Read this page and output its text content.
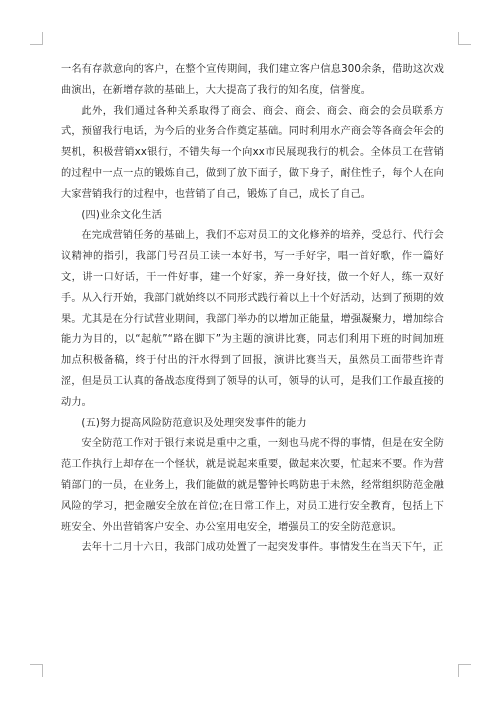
一名有存款意向的客户，在整个宣传期间，我们建立客户信息300余条，借助这次戏曲演出，在新增存款的基础上，大大提高了我行的知名度，信誉度。

此外，我们通过各种关系取得了商会、商会、商会、商会、商会的会员联系方式，预留我行电话，为今后的业务合作奠定基础。同时利用水产商会等各商会年会的契机，积极营销xx银行，不错失每一个向xx市民展现我行的机会。全体员工在营销的过程中一点一点的锻炼自己，做到了放下面子，做下身子，耐住性子，每个人在向大家营销我行的过程中，也营销了自己，锻炼了自己，成长了自己。

(四)业余文化生活

在完成营销任务的基础上，我们不忘对员工的文化修养的培养，受总行、代行会议精神的指引，我部门号召员工读一本好书，写一手好字，唱一首好歌，作一篇好文，讲一口好话，干一件好事，建一个好家，养一身好技，做一个好人，练一双好手。从入行开始，我部门就始终以不同形式践行着以上十个好活动，达到了预期的效果。尤其是在分行试营业期间，我部门举办的以增加正能量，增强凝聚力，增加综合能力为目的，以“起航”“路在脚下”为主题的演讲比赛，同志们利用下班的时间加班加点积极备稿，终于付出的汗水得到了回报，演讲比赛当天，虽然员工面带些许青涩，但是员工认真的备战态度得到了领导的认可，领导的认可，是我们工作最直接的动力。

(五)努力提高风险防范意识及处理突发事件的能力

安全防范工作对于银行来说是重中之重，一刻也马虎不得的事情，但是在安全防范工作执行上却存在一个怪状，就是说起来重要，做起来次要，忙起来不要。作为营销部门的一员，在业务上，我们能做的就是警钟长鸣防患于未然，经常组织防范金融风险的学习，把金融安全放在首位;在日常工作上，对员工进行安全教育，包括上下班安全、外出营销客户安全、办公室用电安全，增强员工的安全防范意识。

去年十二月十六日，我部门成功处置了一起突发事件。事情发生在当天下午，正
